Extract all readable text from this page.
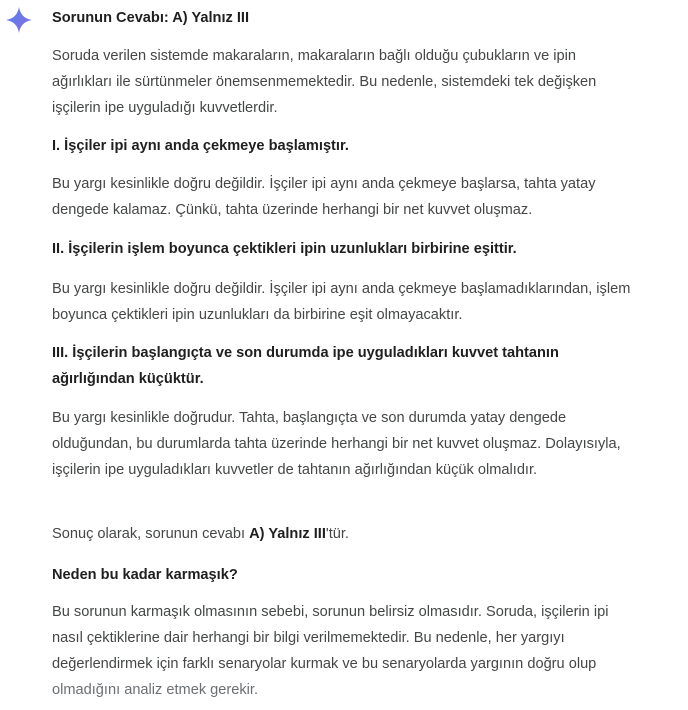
Sorunun Cevabı: A) Yalnız III

Soruda verilen sistemde makaraların, makaraların bağlı olduğu çubukların ve ipin ağırlıkları ile sürtünmeler önemsenmemektedir. Bu nedenle, sistemdeki tek değişken işçilerin ipe uyguladığı kuvvetlerdir.

I. İşçiler ipi aynı anda çekmeye başlamıştır.

Bu yargı kesinlikle doğru değildir. İşçiler ipi aynı anda çekmeye başlarsa, tahta yatay dengede kalamaz. Çünkü, tahta üzerinde herhangi bir net kuvvet oluşmaz.

II. İşçilerin işlem boyunca çektikleri ipin uzunlukları birbirine eşittir.

Bu yargı kesinlikle doğru değildir. İşçiler ipi aynı anda çekmeye başlamadıklarından, işlem boyunca çektikleri ipin uzunlukları da birbirine eşit olmayacaktır.

III. İşçilerin başlangıçta ve son durumda ipe uyguladıkları kuvvet tahtanın ağırlığından küçüktür.

Bu yargı kesinlikle doğrudur. Tahta, başlangıçta ve son durumda yatay dengede olduğundan, bu durumlarda tahta üzerinde herhangi bir net kuvvet oluşmaz. Dolayısıyla, işçilerin ipe uyguladıkları kuvvetler de tahtanın ağırlığından küçük olmalıdır.

Sonuç olarak, sorunun cevabı A) Yalnız III'tür.

Neden bu kadar karmaşık?

Bu sorunun karmaşık olmasının sebebi, sorunun belirsiz olmasıdır. Soruda, işçilerin ipi nasıl çektiklerine dair herhangi bir bilgi verilmemektedir. Bu nedenle, her yargıyı değerlendirmek için farklı senaryolar kurmak ve bu senaryolarda yargının doğru olup olmadığını analiz etmek gerekir.
